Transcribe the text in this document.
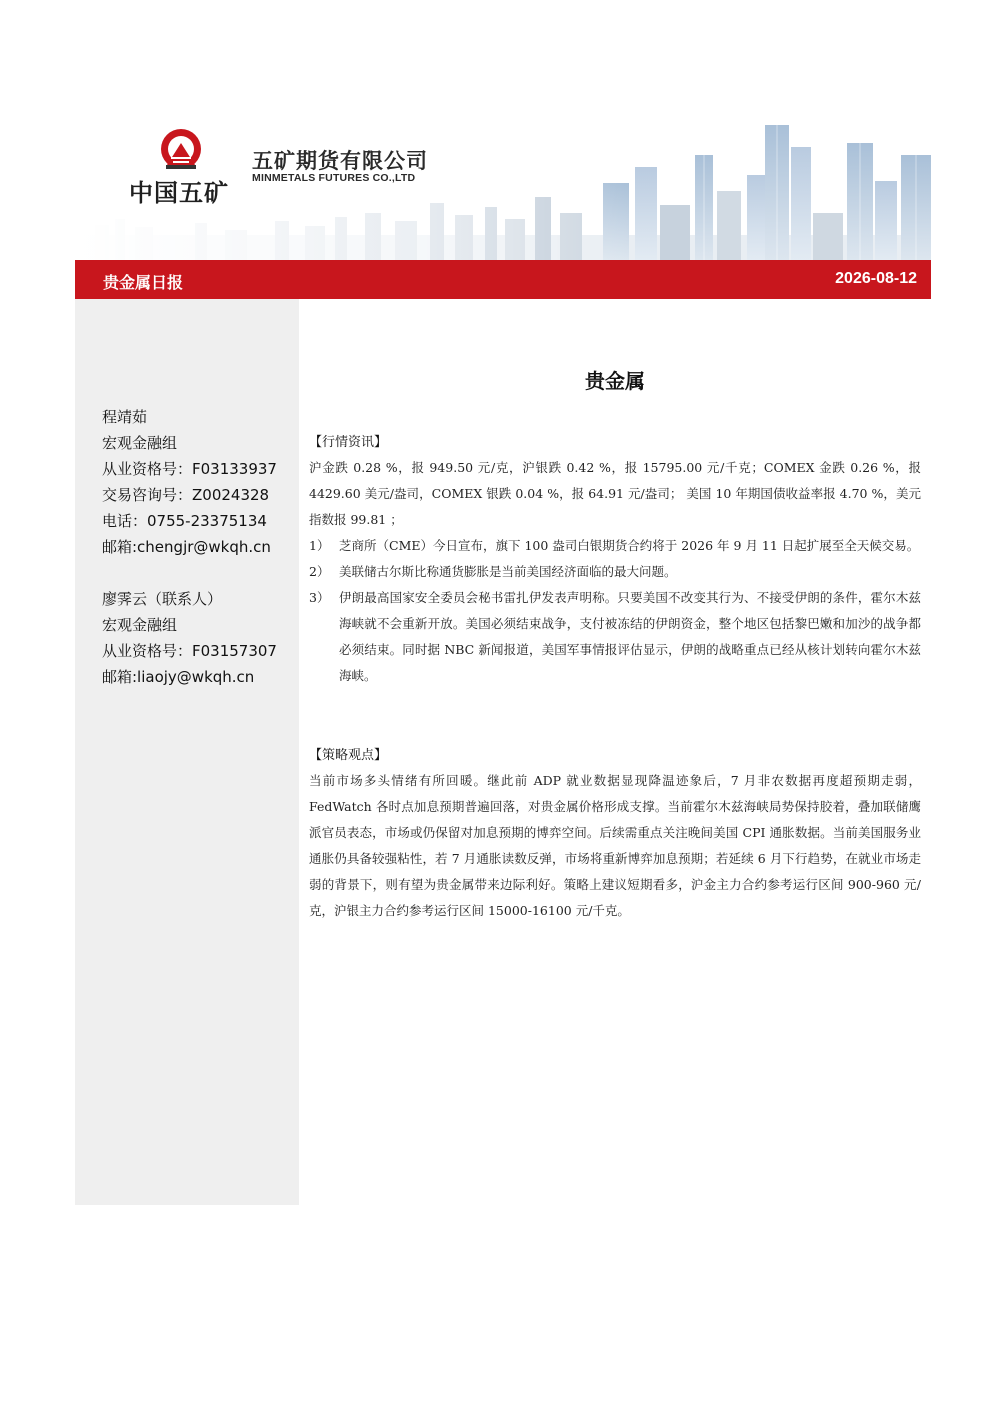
中国五矿
五矿期货有限公司
MINMETALS FUTURES CO.,LTD
贵金属日报	2026-08-12
程靖茹
宏观金融组
从业资格号：F03133937
交易咨询号：Z0024328
电话：0755-23375134
邮箱:chengjr@wkqh.cn
廖霁云（联系人）
宏观金融组
从业资格号：F03157307
邮箱:liaojy@wkqh.cn
贵金属
【行情资讯】
沪金跌 0.28 %，报 949.50 元/克，沪银跌 0.42 %，报 15795.00 元/千克；COMEX 金跌 0.26 %，报 4429.60 美元/盎司，COMEX 银跌 0.04 %，报 64.91 元/盎司； 美国 10 年期国债收益率报 4.70 %，美元指数报 99.81 ；
1） 芝商所（CME）今日宣布，旗下 100 盎司白银期货合约将于 2026 年 9 月 11 日起扩展至全天候交易。
2） 美联储古尔斯比称通货膨胀是当前美国经济面临的最大问题。
3） 伊朗最高国家安全委员会秘书雷扎伊发表声明称。只要美国不改变其行为、不接受伊朗的条件，霍尔木兹海峡就不会重新开放。美国必须结束战争，支付被冻结的伊朗资金，整个地区包括黎巴嫩和加沙的战争都必须结束。同时据 NBC 新闻报道，美国军事情报评估显示，伊朗的战略重点已经从核计划转向霍尔木兹海峡。
【策略观点】
当前市场多头情绪有所回暖。继此前 ADP 就业数据显现降温迹象后，7 月非农数据再度超预期走弱，FedWatch 各时点加息预期普遍回落，对贵金属价格形成支撑。当前霍尔木兹海峡局势保持胶着，叠加联储鹰派官员表态，市场或仍保留对加息预期的博弈空间。后续需重点关注晚间美国 CPI 通胀数据。当前美国服务业通胀仍具备较强粘性，若 7 月通胀读数反弹，市场将重新博弈加息预期；若延续 6 月下行趋势，在就业市场走弱的背景下，则有望为贵金属带来边际利好。策略上建议短期看多，沪金主力合约参考运行区间 900-960 元/克，沪银主力合约参考运行区间 15000-16100 元/千克。
